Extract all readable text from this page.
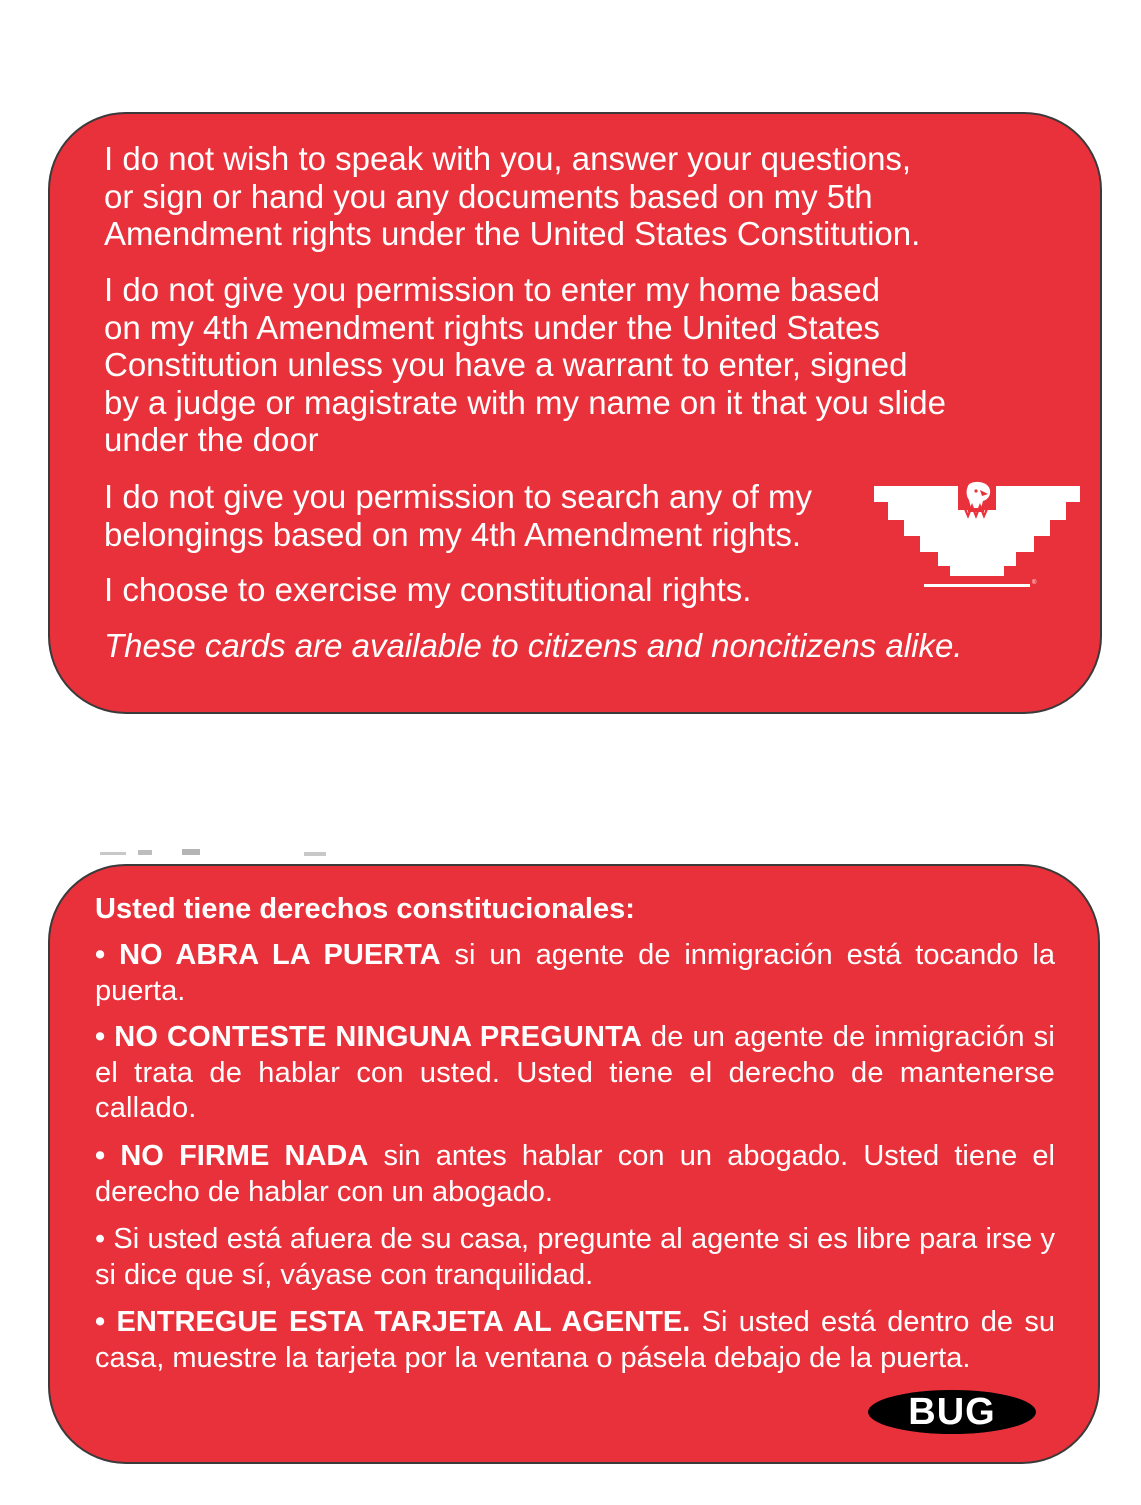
I do not wish to speak with you, answer your questions,
or sign or hand you any documents based on my 5th
Amendment rights under the United States Constitution.

I do not give you permission to enter my home based
on my 4th Amendment rights under the United States
Constitution unless you have a warrant to enter, signed
by a judge or magistrate with my name on it that you slide
under the door

I do not give you permission to search any of my
belongings based on my 4th Amendment rights.

I choose to exercise my constitutional rights.

These cards are available to citizens and noncitizens alike.

®

Usted tiene derechos constitucionales:

• NO ABRA LA PUERTA si un agente de inmigración está tocando la puerta.

• NO CONTESTE NINGUNA PREGUNTA de un agente de inmigración si el trata de hablar con usted. Usted tiene el derecho de mantenerse callado.

• NO FIRME NADA sin antes hablar con un abogado. Usted tiene el derecho de hablar con un abogado.

• Si usted está afuera de su casa, pregunte al agente si es libre para irse y si dice que sí, váyase con tranquilidad.

• ENTREGUE ESTA TARJETA AL AGENTE. Si usted está dentro de su casa, muestre la tarjeta por la ventana o pásela debajo de la puerta.

BUG
